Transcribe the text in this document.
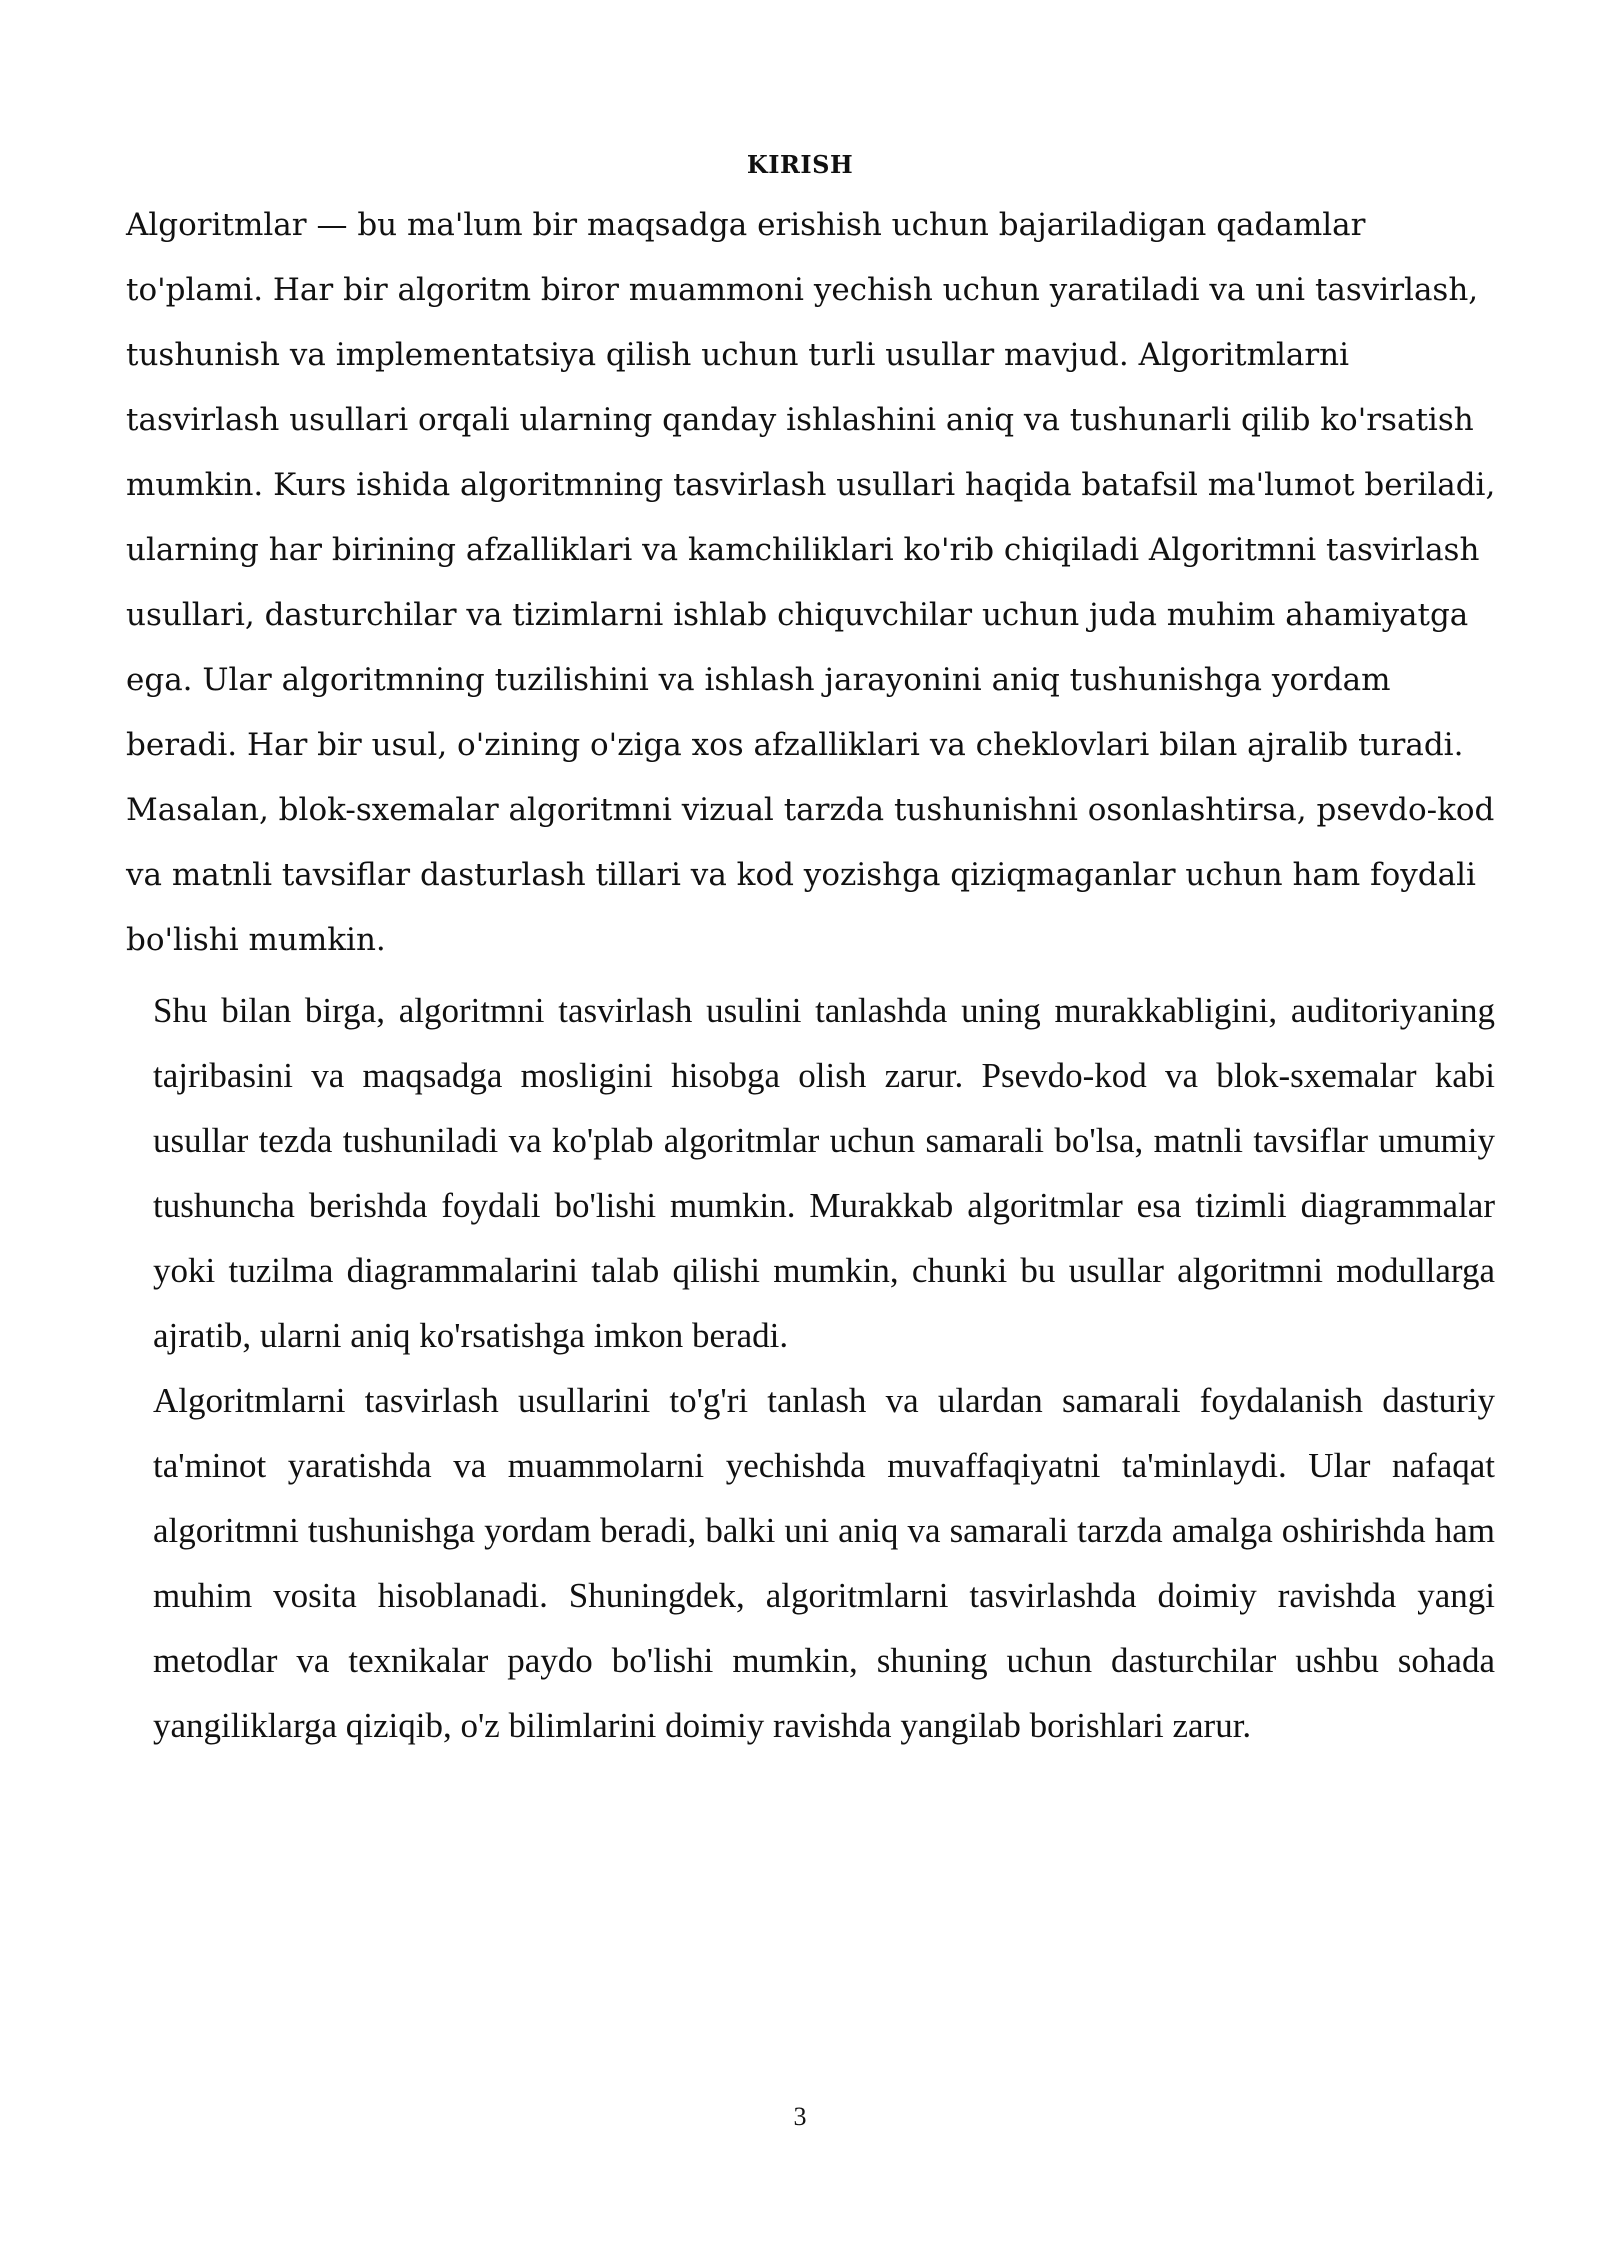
KIRISH

Algoritmlar — bu ma'lum bir maqsadga erishish uchun bajariladigan qadamlar to'plami. Har bir algoritm biror muammoni yechish uchun yaratiladi va uni tasvirlash, tushunish va implementatsiya qilish uchun turli usullar mavjud. Algoritmlarni tasvirlash usullari orqali ularning qanday ishlashini aniq va tushunarli qilib ko'rsatish mumkin. Kurs ishida algoritmning tasvirlash usullari haqida batafsil ma'lumot beriladi, ularning har birining afzalliklari va kamchiliklari ko'rib chiqiladi Algoritmni tasvirlash usullari, dasturchilar va tizimlarni ishlab chiquvchilar uchun juda muhim ahamiyatga ega. Ular algoritmning tuzilishini va ishlash jarayonini aniq tushunishga yordam beradi. Har bir usul, o'zining o'ziga xos afzalliklari va cheklovlari bilan ajralib turadi. Masalan, blok-sxemalar algoritmni vizual tarzda tushunishni osonlashtirsa, psevdo-kod va matnli tavsiflar dasturlash tillari va kod yozishga qiziqmaganlar uchun ham foydali bo'lishi mumkin.

Shu bilan birga, algoritmni tasvirlash usulini tanlashda uning murakkabligini, auditoriyaning tajribasini va maqsadga mosligini hisobga olish zarur. Psevdo-kod va blok-sxemalar kabi usullar tezda tushuniladi va ko'plab algoritmlar uchun samarali bo'lsa, matnli tavsiflar umumiy tushuncha berishda foydali bo'lishi mumkin. Murakkab algoritmlar esa tizimli diagrammalar yoki tuzilma diagrammalarini talab qilishi mumkin, chunki bu usullar algoritmni modullarga ajratib, ularni aniq ko'rsatishga imkon beradi.

Algoritmlarni tasvirlash usullarini to'g'ri tanlash va ulardan samarali foydalanish dasturiy ta'minot yaratishda va muammolarni yechishda muvaffaqiyatni ta'minlaydi. Ular nafaqat algoritmni tushunishga yordam beradi, balki uni aniq va samarali tarzda amalga oshirishda ham muhim vosita hisoblanadi. Shuningdek, algoritmlarni tasvirlashda doimiy ravishda yangi metodlar va texnikalar paydo bo'lishi mumkin, shuning uchun dasturchilar ushbu sohada yangiliklarga qiziqib, o'z bilimlarini doimiy ravishda yangilab borishlari zarur.

3
